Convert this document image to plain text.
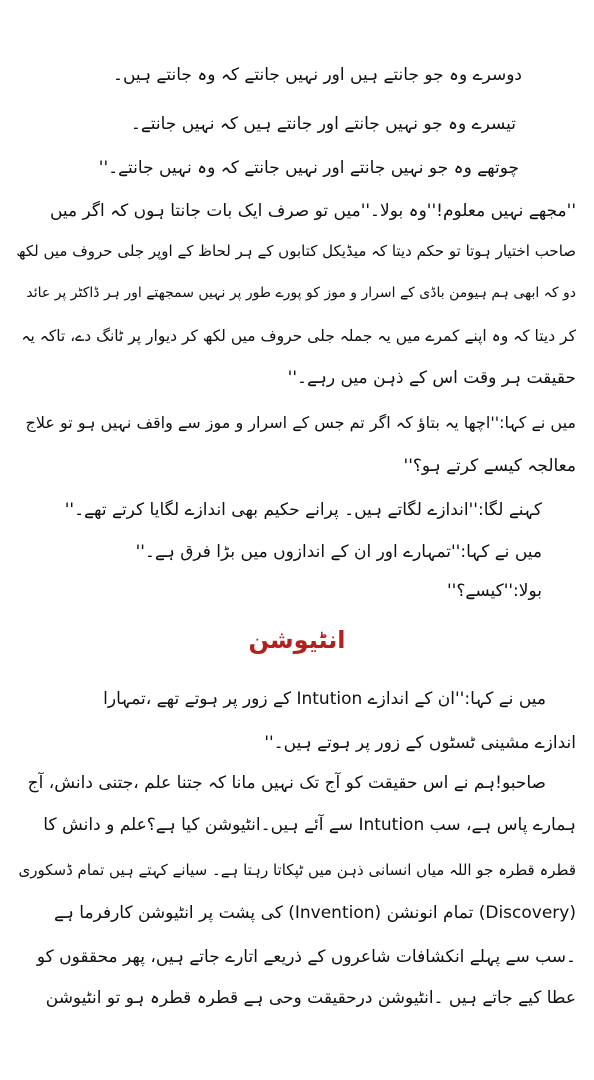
دوسرے وہ جو جانتے ہیں اور نہیں جانتے کہ وہ جانتے ہیں۔
تیسرے وہ جو نہیں جانتے اور جانتے ہیں کہ نہیں جانتے۔
چوتھے وہ جو نہیں جانتے اور نہیں جانتے کہ وہ نہیں جانتے۔''
''مجھے نہیں معلوم!''وہ بولا۔''میں تو صرف ایک بات جانتا ہوں کہ اگر میں
صاحب اختیار ہوتا تو حکم دیتا کہ میڈیکل کتابوں کے ہر لحاظ کے اوپر جلی حروف میں لکھ
دو کہ ابھی ہم ہیومن باڈی کے اسرار و موز کو پورے طور پر نہیں سمجھتے اور ہر ڈاکٹر پر عائد
کر دیتا کہ وہ اپنے کمرے میں یہ جملہ جلی حروف میں لکھ کر دیوار پر ٹانگ دے، تاکہ یہ
حقیقت ہر وقت اس کے ذہن میں رہے۔''
میں نے کہا:''اچھا یہ بتاؤ کہ اگر تم جس کے اسرار و موز سے واقف نہیں ہو تو علاج
معالجہ کیسے کرتے ہو؟''
کہنے لگا:''اندازے لگاتے ہیں۔ پرانے حکیم بھی اندازے لگایا کرتے تھے۔''
میں نے کہا:''تمہارے اور ان کے اندازوں میں بڑا فرق ہے۔''
بولا:''کیسے؟''
انٹیوشن
میں نے کہا:''ان کے اندازے Intution کے زور پر ہوتے تھے ،تمہارا
اندازے مشینی ٹسٹوں کے زور پر ہوتے ہیں۔''
صاحبو!ہم نے اس حقیقت کو آج تک نہیں مانا کہ جتنا علم ،جتنی دانش، آج
ہمارے پاس ہے، سب Intution سے آئے ہیں۔انٹیوشن کیا ہے؟علم و دانش کا
قطرہ قطرہ جو اللہ میاں انسانی ذہن میں ٹپکاتا رہتا ہے۔ سیانے کہتے ہیں تمام ڈسکوری
(Discovery) تمام انونشن (Invention) کی پشت پر انٹیوشن کارفرما ہے
۔سب سے پہلے انکشافات شاعروں کے ذریعے اتارے جاتے ہیں، پھر محققوں کو
عطا کیے جاتے ہیں ۔انٹیوشن درحقیقت وحی ہے قطرہ قطرہ ہو تو انٹیوشن
